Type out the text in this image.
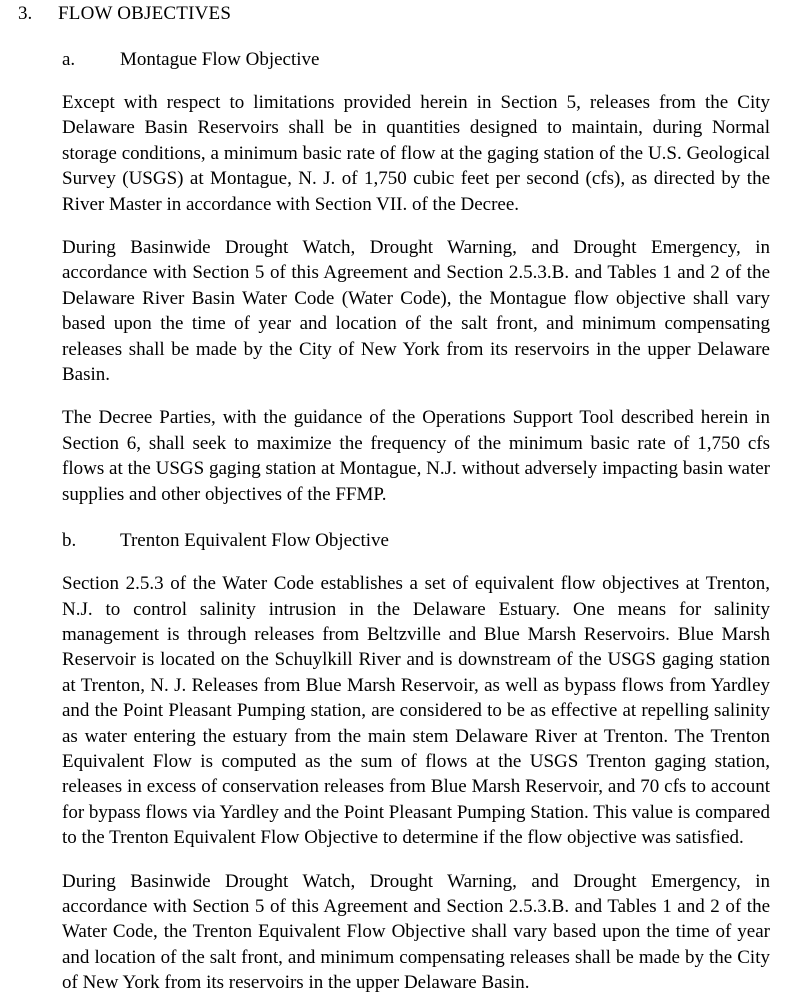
3.	FLOW OBJECTIVES
a.	Montague Flow Objective

Except with respect to limitations provided herein in Section 5, releases from the City Delaware Basin Reservoirs shall be in quantities designed to maintain, during Normal storage conditions, a minimum basic rate of flow at the gaging station of the U.S. Geological Survey (USGS) at Montague, N. J. of 1,750 cubic feet per second (cfs), as directed by the River Master in accordance with Section VII. of the Decree.

During Basinwide Drought Watch, Drought Warning, and Drought Emergency, in accordance with Section 5 of this Agreement and Section 2.5.3.B. and Tables 1 and 2 of the Delaware River Basin Water Code (Water Code), the Montague flow objective shall vary based upon the time of year and location of the salt front, and minimum compensating releases shall be made by the City of New York from its reservoirs in the upper Delaware Basin.

The Decree Parties, with the guidance of the Operations Support Tool described herein in Section 6, shall seek to maximize the frequency of the minimum basic rate of 1,750 cfs flows at the USGS gaging station at Montague, N.J. without adversely impacting basin water supplies and other objectives of the FFMP.

b.	Trenton Equivalent Flow Objective

Section 2.5.3 of the Water Code establishes a set of equivalent flow objectives at Trenton, N.J. to control salinity intrusion in the Delaware Estuary. One means for salinity management is through releases from Beltzville and Blue Marsh Reservoirs. Blue Marsh Reservoir is located on the Schuylkill River and is downstream of the USGS gaging station at Trenton, N. J. Releases from Blue Marsh Reservoir, as well as bypass flows from Yardley and the Point Pleasant Pumping station, are considered to be as effective at repelling salinity as water entering the estuary from the main stem Delaware River at Trenton. The Trenton Equivalent Flow is computed as the sum of flows at the USGS Trenton gaging station, releases in excess of conservation releases from Blue Marsh Reservoir, and 70 cfs to account for bypass flows via Yardley and the Point Pleasant Pumping Station. This value is compared to the Trenton Equivalent Flow Objective to determine if the flow objective was satisfied.

During Basinwide Drought Watch, Drought Warning, and Drought Emergency, in accordance with Section 5 of this Agreement and Section 2.5.3.B. and Tables 1 and 2 of the Water Code, the Trenton Equivalent Flow Objective shall vary based upon the time of year and location of the salt front, and minimum compensating releases shall be made by the City of New York from its reservoirs in the upper Delaware Basin.
